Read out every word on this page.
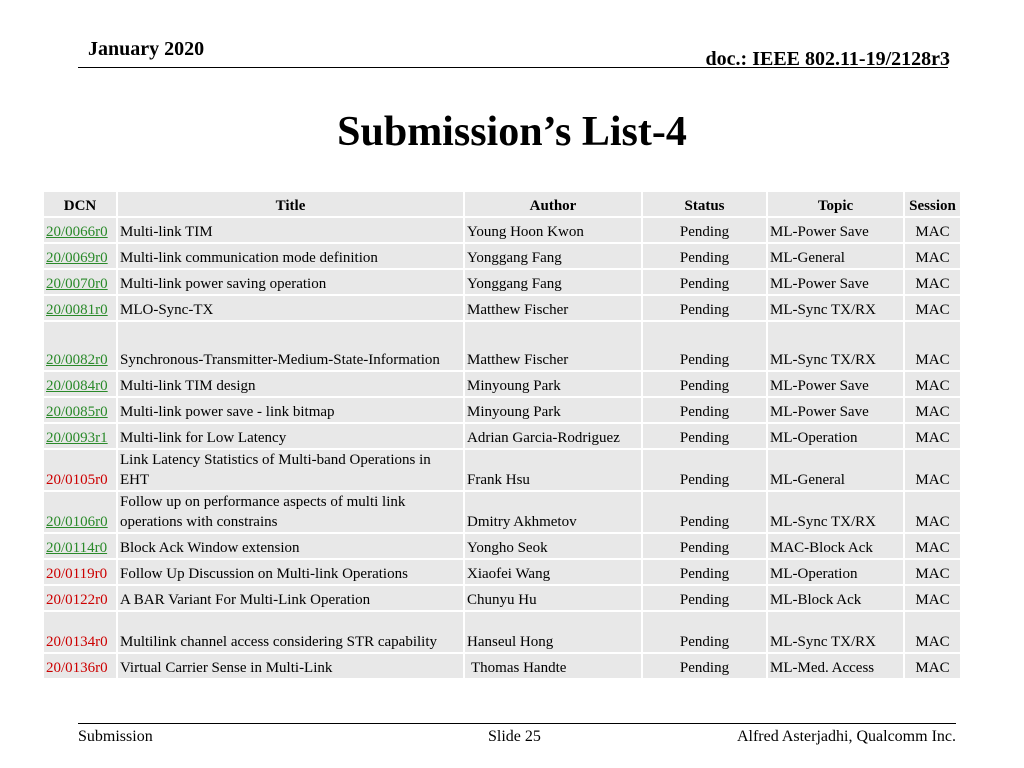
January 2020	doc.: IEEE 802.11-19/2128r3
Submission’s List-4
DCN	Title	Author	Status	Topic	Session
20/0066r0	Multi-link TIM	Young Hoon Kwon	Pending	ML-Power Save	MAC
20/0069r0	Multi-link communication mode definition	Yonggang Fang	Pending	ML-General	MAC
20/0070r0	Multi-link power saving operation	Yonggang Fang	Pending	ML-Power Save	MAC
20/0081r0	MLO-Sync-TX	Matthew Fischer	Pending	ML-Sync TX/RX	MAC
20/0082r0	Synchronous-Transmitter-Medium-State-Information	Matthew Fischer	Pending	ML-Sync TX/RX	MAC
20/0084r0	Multi-link TIM design	Minyoung Park	Pending	ML-Power Save	MAC
20/0085r0	Multi-link power save - link bitmap	Minyoung Park	Pending	ML-Power Save	MAC
20/0093r1	Multi-link for Low Latency	Adrian Garcia-Rodriguez	Pending	ML-Operation	MAC
20/0105r0	Link Latency Statistics of Multi-band Operations in EHT	Frank Hsu	Pending	ML-General	MAC
20/0106r0	Follow up on performance aspects of multi link operations with constrains	Dmitry Akhmetov	Pending	ML-Sync TX/RX	MAC
20/0114r0	Block Ack Window extension	Yongho Seok	Pending	MAC-Block Ack	MAC
20/0119r0	Follow Up Discussion on Multi-link Operations	Xiaofei Wang	Pending	ML-Operation	MAC
20/0122r0	A BAR Variant For Multi-Link Operation	Chunyu Hu	Pending	ML-Block Ack	MAC
20/0134r0	Multilink channel access considering STR capability	Hanseul Hong	Pending	ML-Sync TX/RX	MAC
20/0136r0	Virtual Carrier Sense in Multi-Link	Thomas Handte	Pending	ML-Med. Access	MAC
Submission	Slide 25	Alfred Asterjadhi, Qualcomm Inc.
